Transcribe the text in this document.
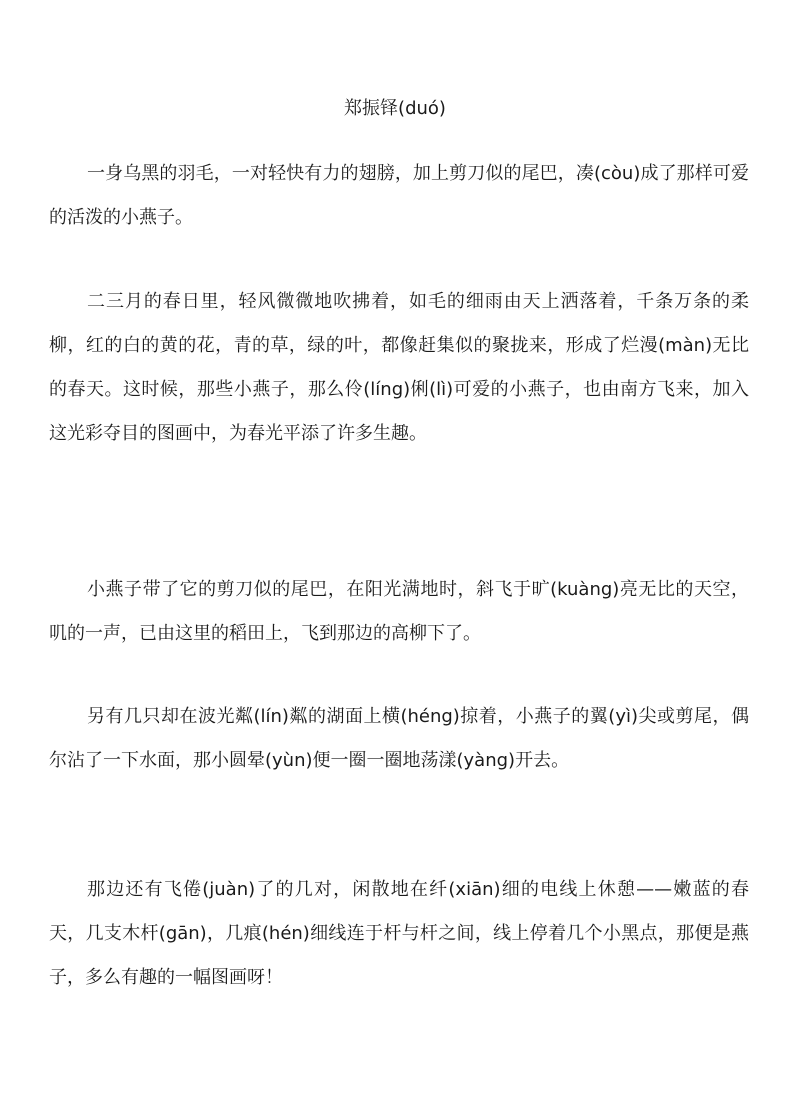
郑振铎(duó)

一身乌黑的羽毛，一对轻快有力的翅膀，加上剪刀似的尾巴，凑(còu)成了那样可爱的活泼的小燕子。

二三月的春日里，轻风微微地吹拂着，如毛的细雨由天上洒落着，千条万条的柔柳，红的白的黄的花，青的草，绿的叶，都像赶集似的聚拢来，形成了烂漫(màn)无比的春天。这时候，那些小燕子，那么伶(líng)俐(lì)可爱的小燕子，也由南方飞来，加入这光彩夺目的图画中，为春光平添了许多生趣。

小燕子带了它的剪刀似的尾巴，在阳光满地时，斜飞于旷(kuàng)亮无比的天空，叽的一声，已由这里的稻田上，飞到那边的高柳下了。

另有几只却在波光粼(lín)粼的湖面上横(héng)掠着，小燕子的翼(yì)尖或剪尾，偶尔沾了一下水面，那小圆晕(yùn)便一圈一圈地荡漾(yàng)开去。

那边还有飞倦(juàn)了的几对，闲散地在纤(xiān)细的电线上休憩——嫩蓝的春天，几支木杆(gān)，几痕(hén)细线连于杆与杆之间，线上停着几个小黑点，那便是燕子，多么有趣的一幅图画呀！
